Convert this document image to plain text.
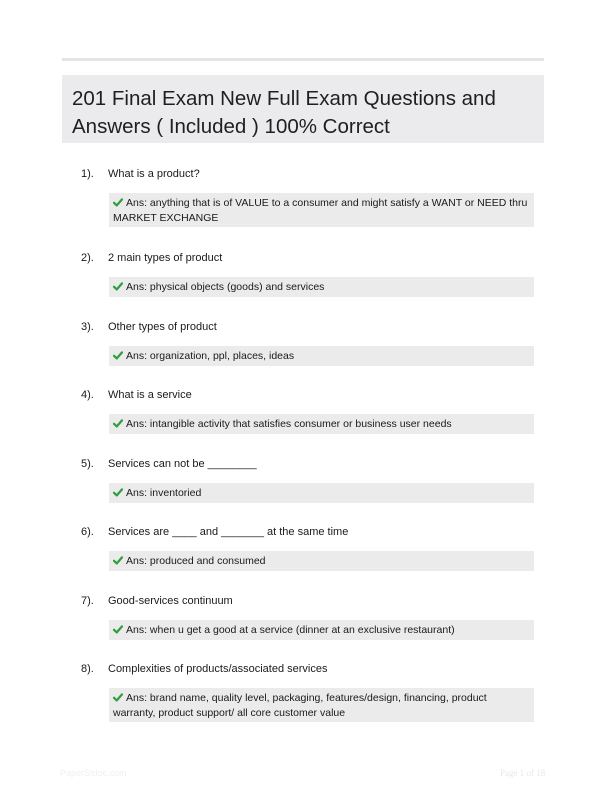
201 Final Exam New Full Exam Questions and
Answers ( Included ) 100% Correct
1). What is a product?
Ans: anything that is of VALUE to a consumer and might satisfy a WANT or NEED thru MARKET EXCHANGE
2). 2 main types of product
Ans: physical objects (goods) and services
3). Other types of product
Ans: organization, ppl, places, ideas
4). What is a service
Ans: intangible activity that satisfies consumer or business user needs
5). Services can not be ________
Ans: inventoried
6). Services are ____ and _______ at the same time
Ans: produced and consumed
7). Good-services continuum
Ans: when u get a good at a service (dinner at an exclusive restaurant)
8). Complexities of products/associated services
Ans: brand name, quality level, packaging, features/design, financing, product warranty, product support/ all core customer value
PaperStdoc.com	Page 1 of 18
